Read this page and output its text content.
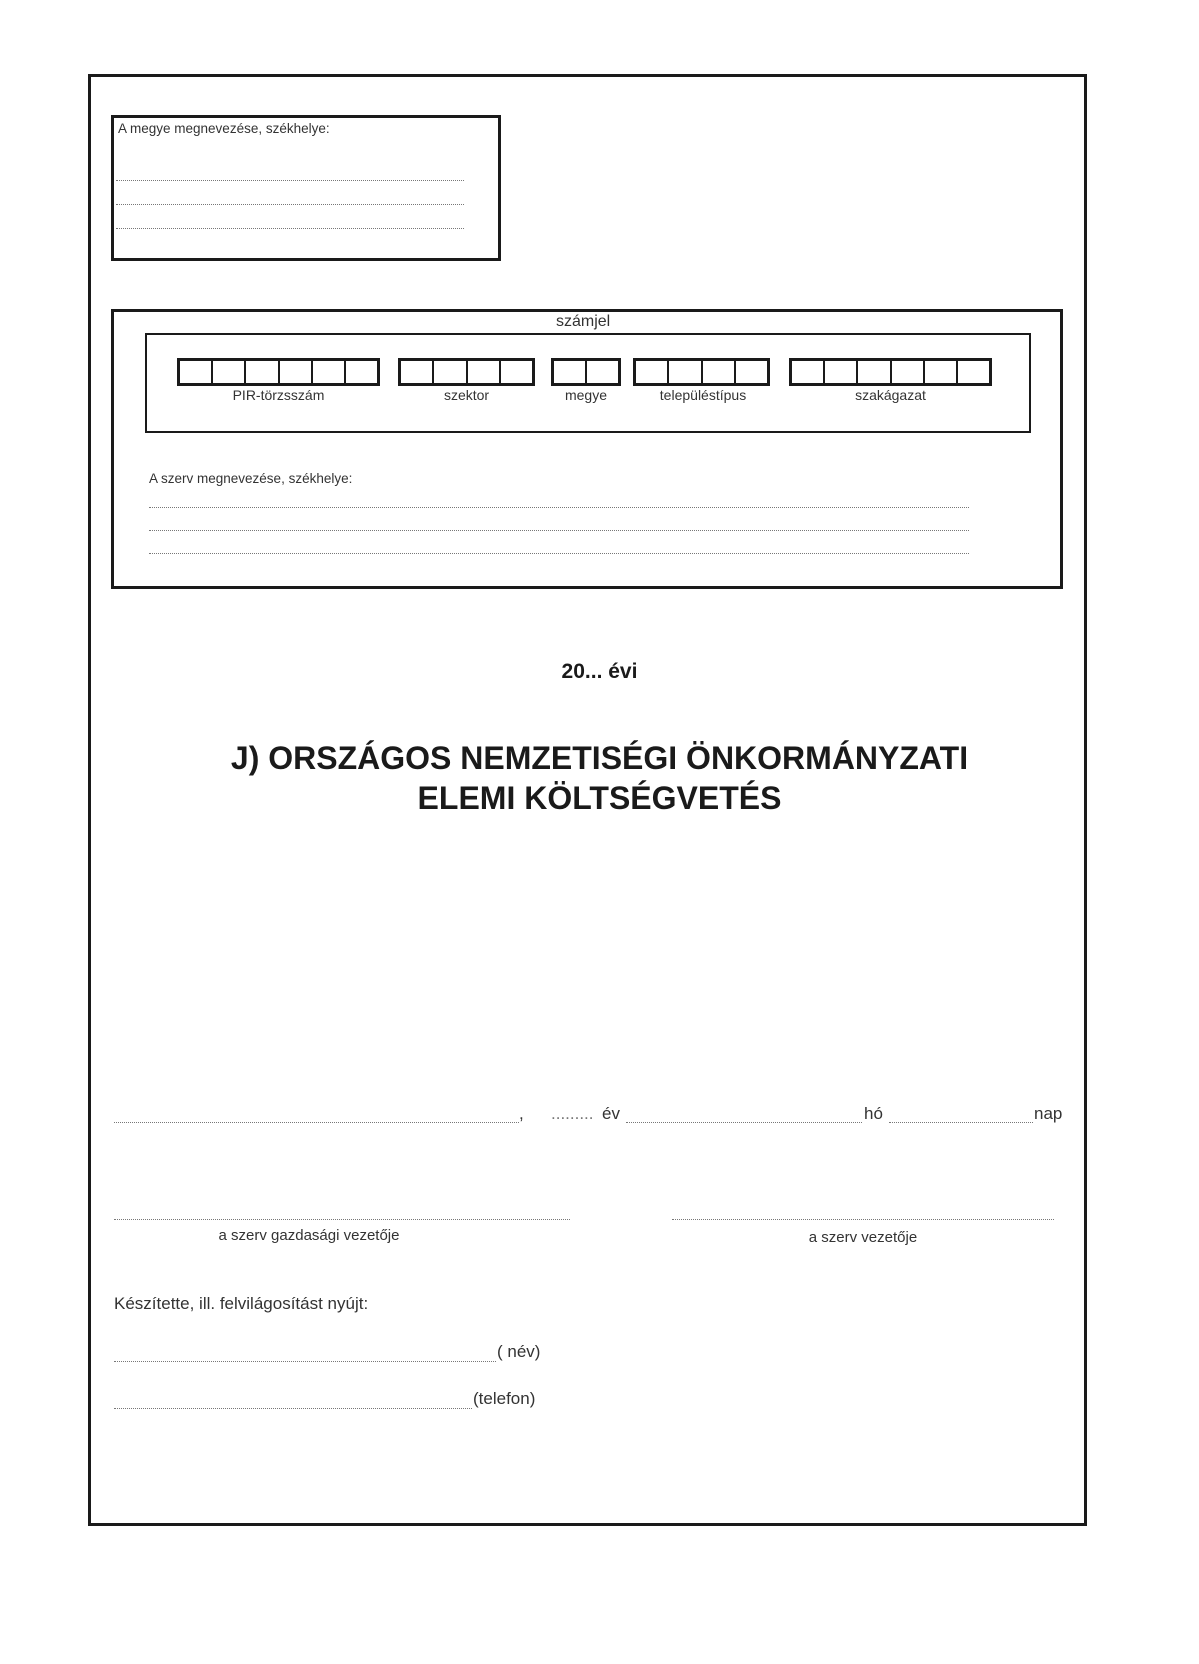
A megye megnevezése, székhelye:
számjel
PIR-törzsszám	szektor	megye	településtípus	szakágazat
A szerv megnevezése, székhelye:
20... évi
J) ORSZÁGOS NEMZETISÉGI ÖNKORMÁNYZATI
ELEMI KÖLTSÉGVETÉS
, ......... év	hó	nap
a szerv gazdasági vezetője	a szerv vezetője
Készítette, ill. felvilágosítást nyújt:
( név)
(telefon)
